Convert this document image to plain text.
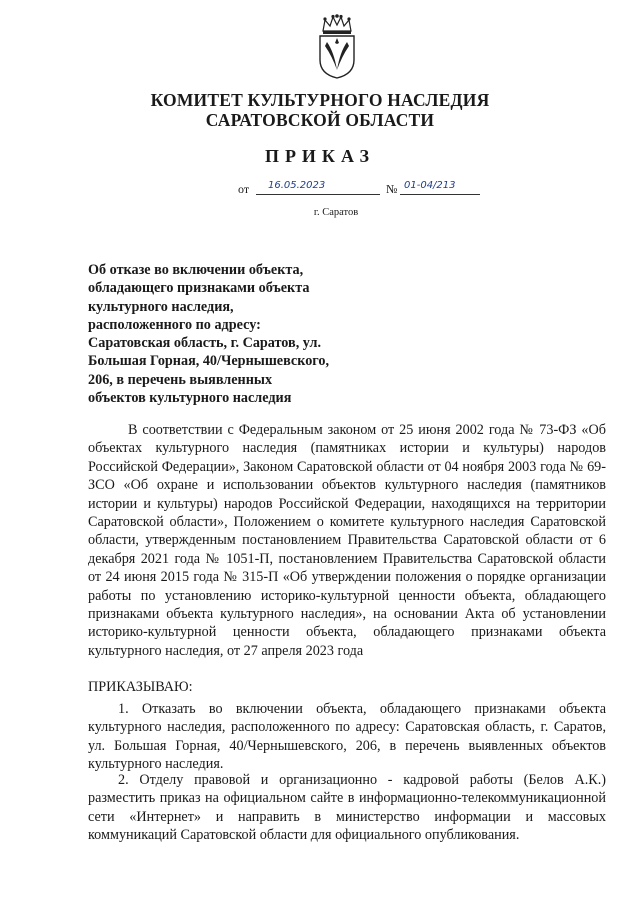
КОМИТЕТ КУЛЬТУРНОГО НАСЛЕДИЯ
САРАТОВСКОЙ ОБЛАСТИ
ПРИКАЗ
от 16.05.2023	№ 01-04/213
г. Саратов
Об отказе во включении объекта,
обладающего признаками объекта
культурного наследия,
расположенного по адресу:
Саратовская область, г. Саратов, ул.
Большая Горная, 40/Чернышевского,
206, в перечень выявленных
объектов культурного наследия
В соответствии с Федеральным законом от 25 июня 2002 года № 73-ФЗ «Об объектах культурного наследия (памятниках истории и культуры) народов Российской Федерации», Законом Саратовской области от 04 ноября 2003 года № 69-ЗСО «Об охране и использовании объектов культурного наследия (памятников истории и культуры) народов Российской Федерации, находящихся на территории Саратовской области», Положением о комитете культурного наследия Саратовской области, утвержденным постановлением Правительства Саратовской области от 6 декабря 2021 года № 1051-П, постановлением Правительства Саратовской области от 24 июня 2015 года № 315-П «Об утверждении положения о порядке организации работы по установлению историко-культурной ценности объекта, обладающего признаками объекта культурного наследия», на основании Акта об установлении историко-культурной ценности объекта, обладающего признаками объекта культурного наследия, от 27 апреля 2023 года
ПРИКАЗЫВАЮ:
1. Отказать во включении объекта, обладающего признаками объекта культурного наследия, расположенного по адресу: Саратовская область, г. Саратов, ул. Большая Горная, 40/Чернышевского, 206, в перечень выявленных объектов культурного наследия.
2. Отделу правовой и организационно - кадровой работы (Белов А.К.) разместить приказ на официальном сайте в информационно-телекоммуникационной сети «Интернет» и направить в министерство информации и массовых коммуникаций Саратовской области для официального опубликования.
